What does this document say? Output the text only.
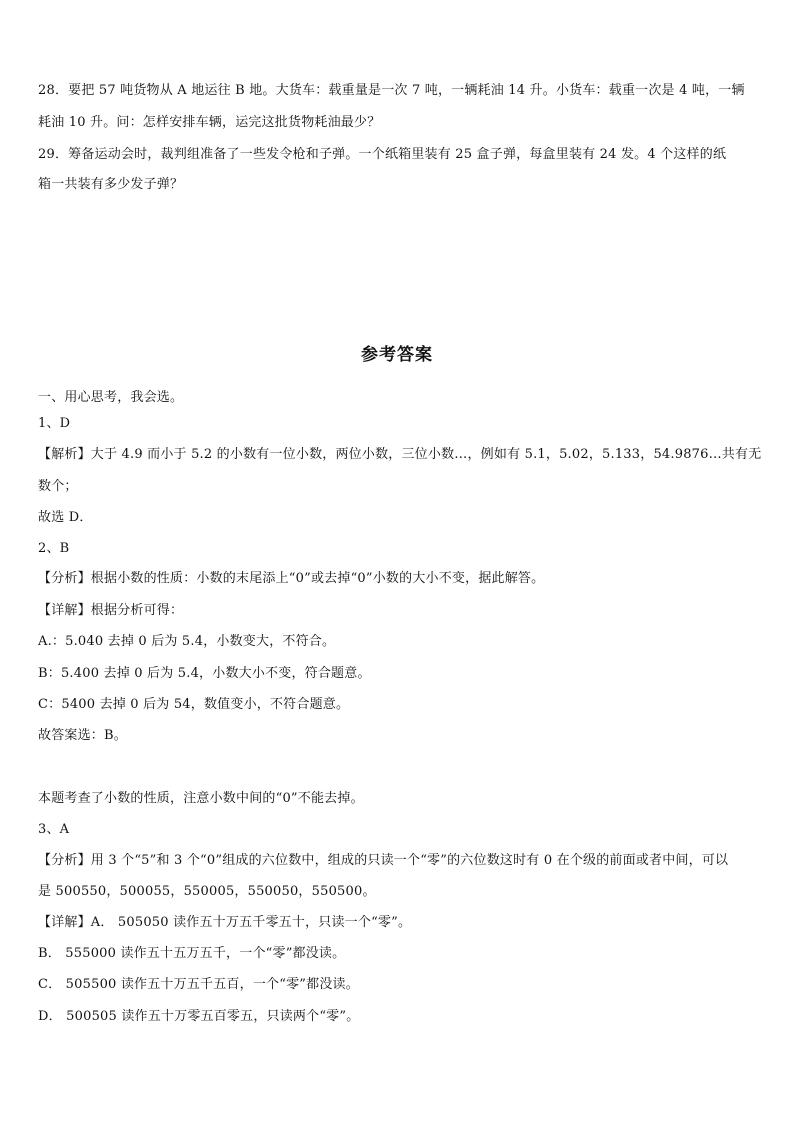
28．要把 57 吨货物从 A 地运往 B 地。大货车：载重量是一次 7 吨，一辆耗油 14 升。小货车：载重一次是 4 吨，一辆
耗油 10 升。问：怎样安排车辆，运完这批货物耗油最少？
29．筹备运动会时，裁判组准备了一些发令枪和子弹。一个纸箱里装有 25 盒子弹，每盒里装有 24 发。4 个这样的纸
箱一共装有多少发子弹？
参考答案
一、用心思考，我会选。
1、D
【解析】大于 4.9 而小于 5.2 的小数有一位小数，两位小数，三位小数…，例如有 5.1，5.02，5.133，54.9876…共有无
数个；
故选 D．
2、B
【分析】根据小数的性质：小数的末尾添上“0”或去掉“0”小数的大小不变，据此解答。
【详解】根据分析可得：
A.：5.040 去掉 0 后为 5.4，小数变大，不符合。
B：5.400 去掉 0 后为 5.4，小数大小不变，符合题意。
C：5400 去掉 0 后为 54，数值变小，不符合题意。
故答案选：B。
本题考查了小数的性质，注意小数中间的“0”不能去掉。
3、A
【分析】用 3 个“5”和 3 个“0”组成的六位数中，组成的只读一个“零”的六位数这时有 0 在个级的前面或者中间，可以
是 500550，500055，550005，550050，550500。
【详解】A． 505050 读作五十万五千零五十，只读一个“零”。
B． 555000 读作五十五万五千，一个“零”都没读。
C． 505500 读作五十万五千五百，一个“零”都没读。
D． 500505 读作五十万零五百零五，只读两个“零”。
